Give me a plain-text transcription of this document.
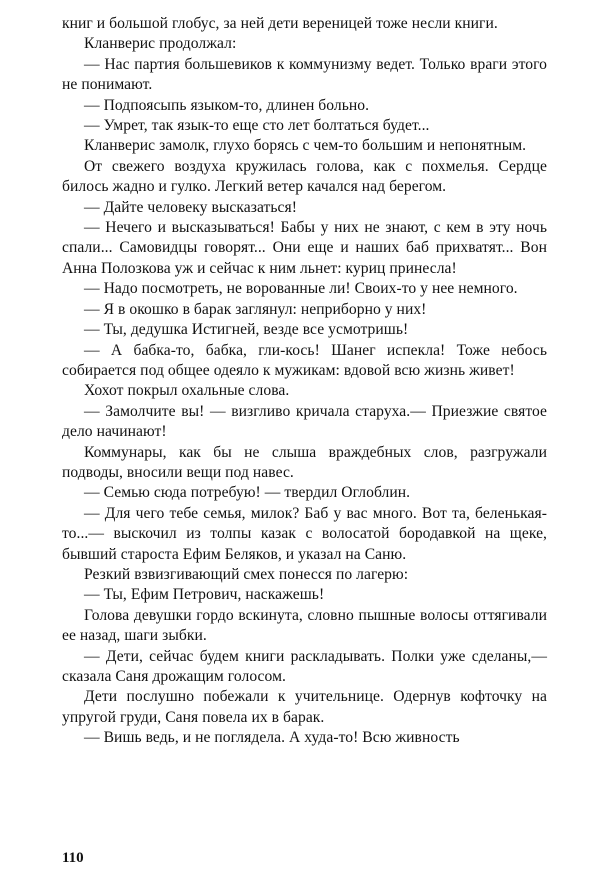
книг и большой глобус, за ней дети вереницей тоже несли книги.

Кланверис продолжал:

— Нас партия большевиков к коммунизму ведет. Только враги этого не понимают.

— Подпоясыпь языком-то, длинен больно.

— Умрет, так язык-то еще сто лет болтаться будет...

Кланверис замолк, глухо борясь с чем-то большим и непонятным.

От свежего воздуха кружилась голова, как с похмелья. Сердце билось жадно и гулко. Легкий ветер качался над берегом.

— Дайте человеку высказаться!

— Нечего и высказываться! Бабы у них не знают, с кем в эту ночь спали... Самовидцы говорят... Они еще и наших баб прихватят... Вон Анна Полозкова уж и сейчас к ним льнет: куриц принесла!

— Надо посмотреть, не ворованные ли! Своих-то у нее немного.

— Я в окошко в барак заглянул: неприборно у них!

— Ты, дедушка Истигней, везде все усмотришь!

— А бабка-то, бабка, гли-кось! Шанег испекла! Тоже небось собирается под общее одеяло к мужикам: вдовой всю жизнь живет!

Хохот покрыл охальные слова.

— Замолчите вы! — визгливо кричала старуха.— Приезжие святое дело начинают!

Коммунары, как бы не слыша враждебных слов, разгружали подводы, вносили вещи под навес.

— Семью сюда потребую! — твердил Оглоблин.

— Для чего тебе семья, милок? Баб у вас много. Вот та, беленькая-то...— выскочил из толпы казак с волосатой бородавкой на щеке, бывший староста Ефим Беляков, и указал на Саню.

Резкий взвизгивающий смех понесся по лагерю:

— Ты, Ефим Петрович, наскажешь!

Голова девушки гордо вскинута, словно пышные волосы оттягивали ее назад, шаги зыбки.

— Дети, сейчас будем книги раскладывать. Полки уже сделаны,— сказала Саня дрожащим голосом.

Дети послушно побежали к учительнице. Одернув кофточку на упругой груди, Саня повела их в барак.

— Вишь ведь, и не поглядела. А худа-то! Всю живность

110
